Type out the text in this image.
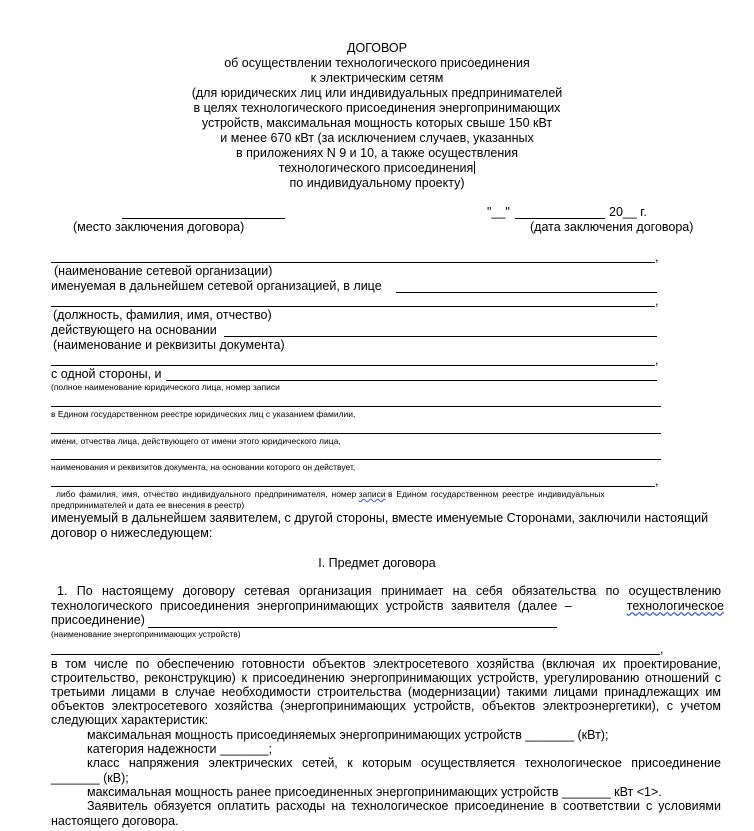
ДОГОВОР
об осуществлении технологического присоединения
к электрическим сетям
(для юридических лиц или индивидуальных предпринимателей
в целях технологического присоединения энергопринимающих
устройств, максимальная мощность которых свыше 150 кВт
и менее 670 кВт (за исключением случаев, указанных
в приложениях N 9 и 10, а также осуществления
технологического присоединения
по индивидуальному проекту)
(место заключения договора)
"__"	20__ г.
(дата заключения договора)
,
(наименование сетевой организации)
именуемая в дальнейшем сетевой организацией, в лице
,
(должность, фамилия, имя, отчество)
действующего на основании
(наименование и реквизиты документа)
,
с одной стороны, и
(полное наименование юридического лица, номер записи
в Едином государственном реестре юридических лиц с указанием фамилии,
имени, отчества лица, действующего от имени этого юридического лица,
наименования и реквизитов документа, на основании которого он действует,
,
либо фамилия, имя, отчество индивидуального предпринимателя, номер записи в Едином государственном реестре индивидуальных
предпринимателей и дата ее внесения в реестр)
именуемый в дальнейшем заявителем, с другой стороны, вместе именуемые Сторонами, заключили настоящий
договор о нижеследующем:
I. Предмет договора
1. По настоящему договору сетевая организация принимает на себя обязательства по осуществлению
технологического присоединения энергопринимающих устройств заявителя (далее –	технологическое
присоединение)
(наименование энергопринимающих устройств)
,
в том числе по обеспечению готовности объектов электросетевого хозяйства (включая их проектирование,
строительство, реконструкцию) к присоединению энергопринимающих устройств, урегулированию отношений с
третьими лицами в случае необходимости строительства (модернизации) такими лицами принадлежащих им
объектов электросетевого хозяйства (энергопринимающих устройств, объектов электроэнергетики), с учетом
следующих характеристик:
максимальная мощность присоединяемых энергопринимающих устройств _______ (кВт);
категория надежности _______;
класс напряжения электрических сетей, к которым осуществляется технологическое присоединение
_______ (кВ);
максимальная мощность ранее присоединенных энергопринимающих устройств _______ кВт <1>.
Заявитель обязуется оплатить расходы на технологическое присоединение в соответствии с условиями
настоящего договора.
